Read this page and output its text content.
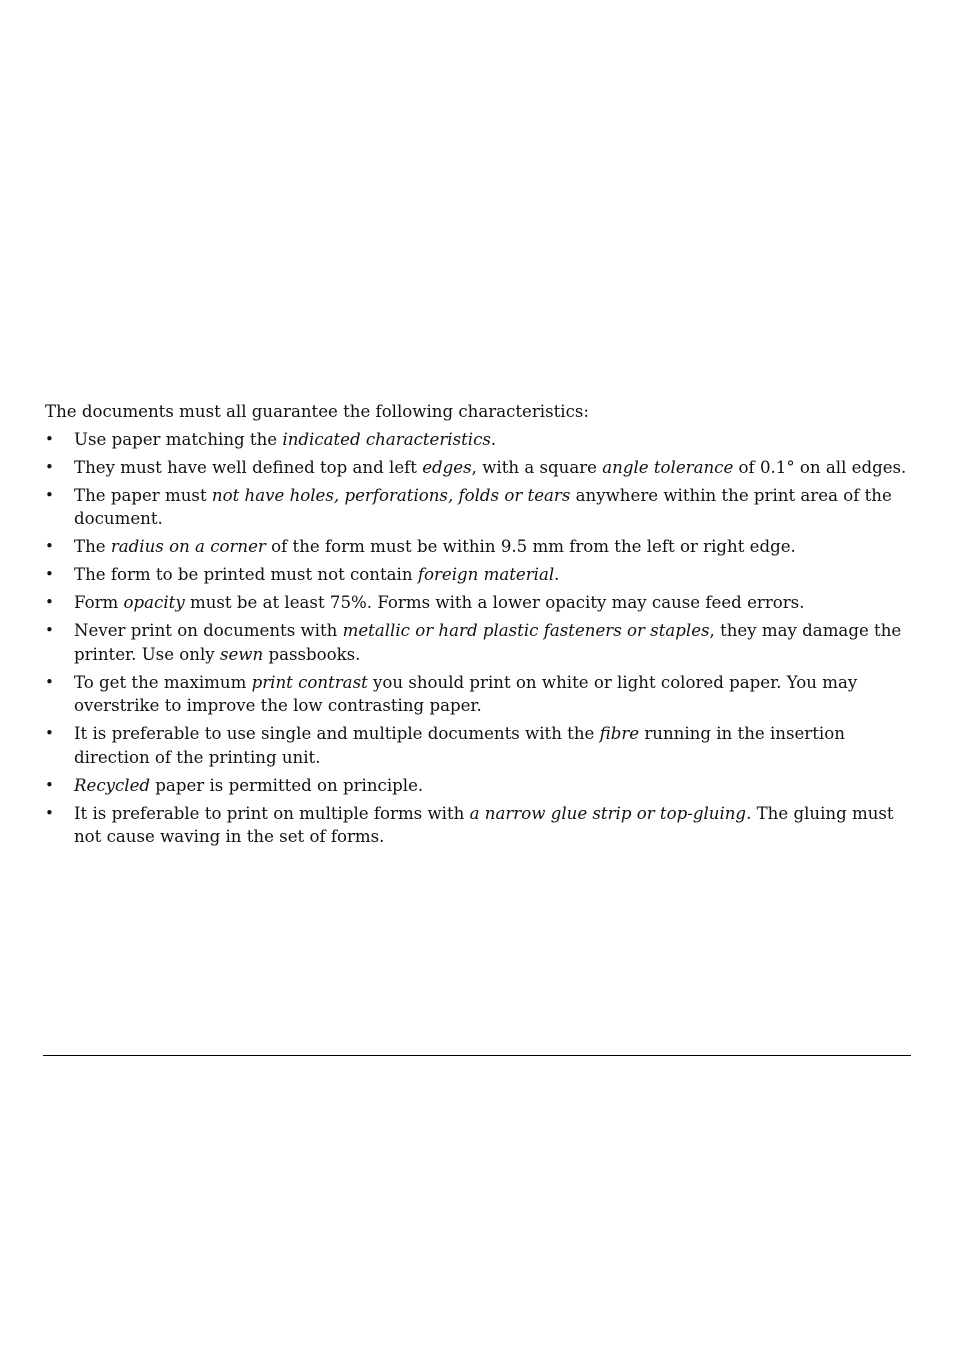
The documents must all guarantee the following characteristics:

• Use paper matching the indicated characteristics.
• They must have well defined top and left edges, with a square angle tolerance of 0.1° on all edges.
• The paper must not have holes, perforations, folds or tears anywhere within the print area of the document.
• The radius on a corner of the form must be within 9.5 mm from the left or right edge.
• The form to be printed must not contain foreign material.
• Form opacity must be at least 75%. Forms with a lower opacity may cause feed errors.
• Never print on documents with metallic or hard plastic fasteners or staples, they may damage the printer. Use only sewn passbooks.
• To get the maximum print contrast you should print on white or light colored paper. You may overstrike to improve the low contrasting paper.
• It is preferable to use single and multiple documents with the fibre running in the insertion direction of the printing unit.
• Recycled paper is permitted on principle.
• It is preferable to print on multiple forms with a narrow glue strip or top-gluing. The gluing must not cause waving in the set of forms.
